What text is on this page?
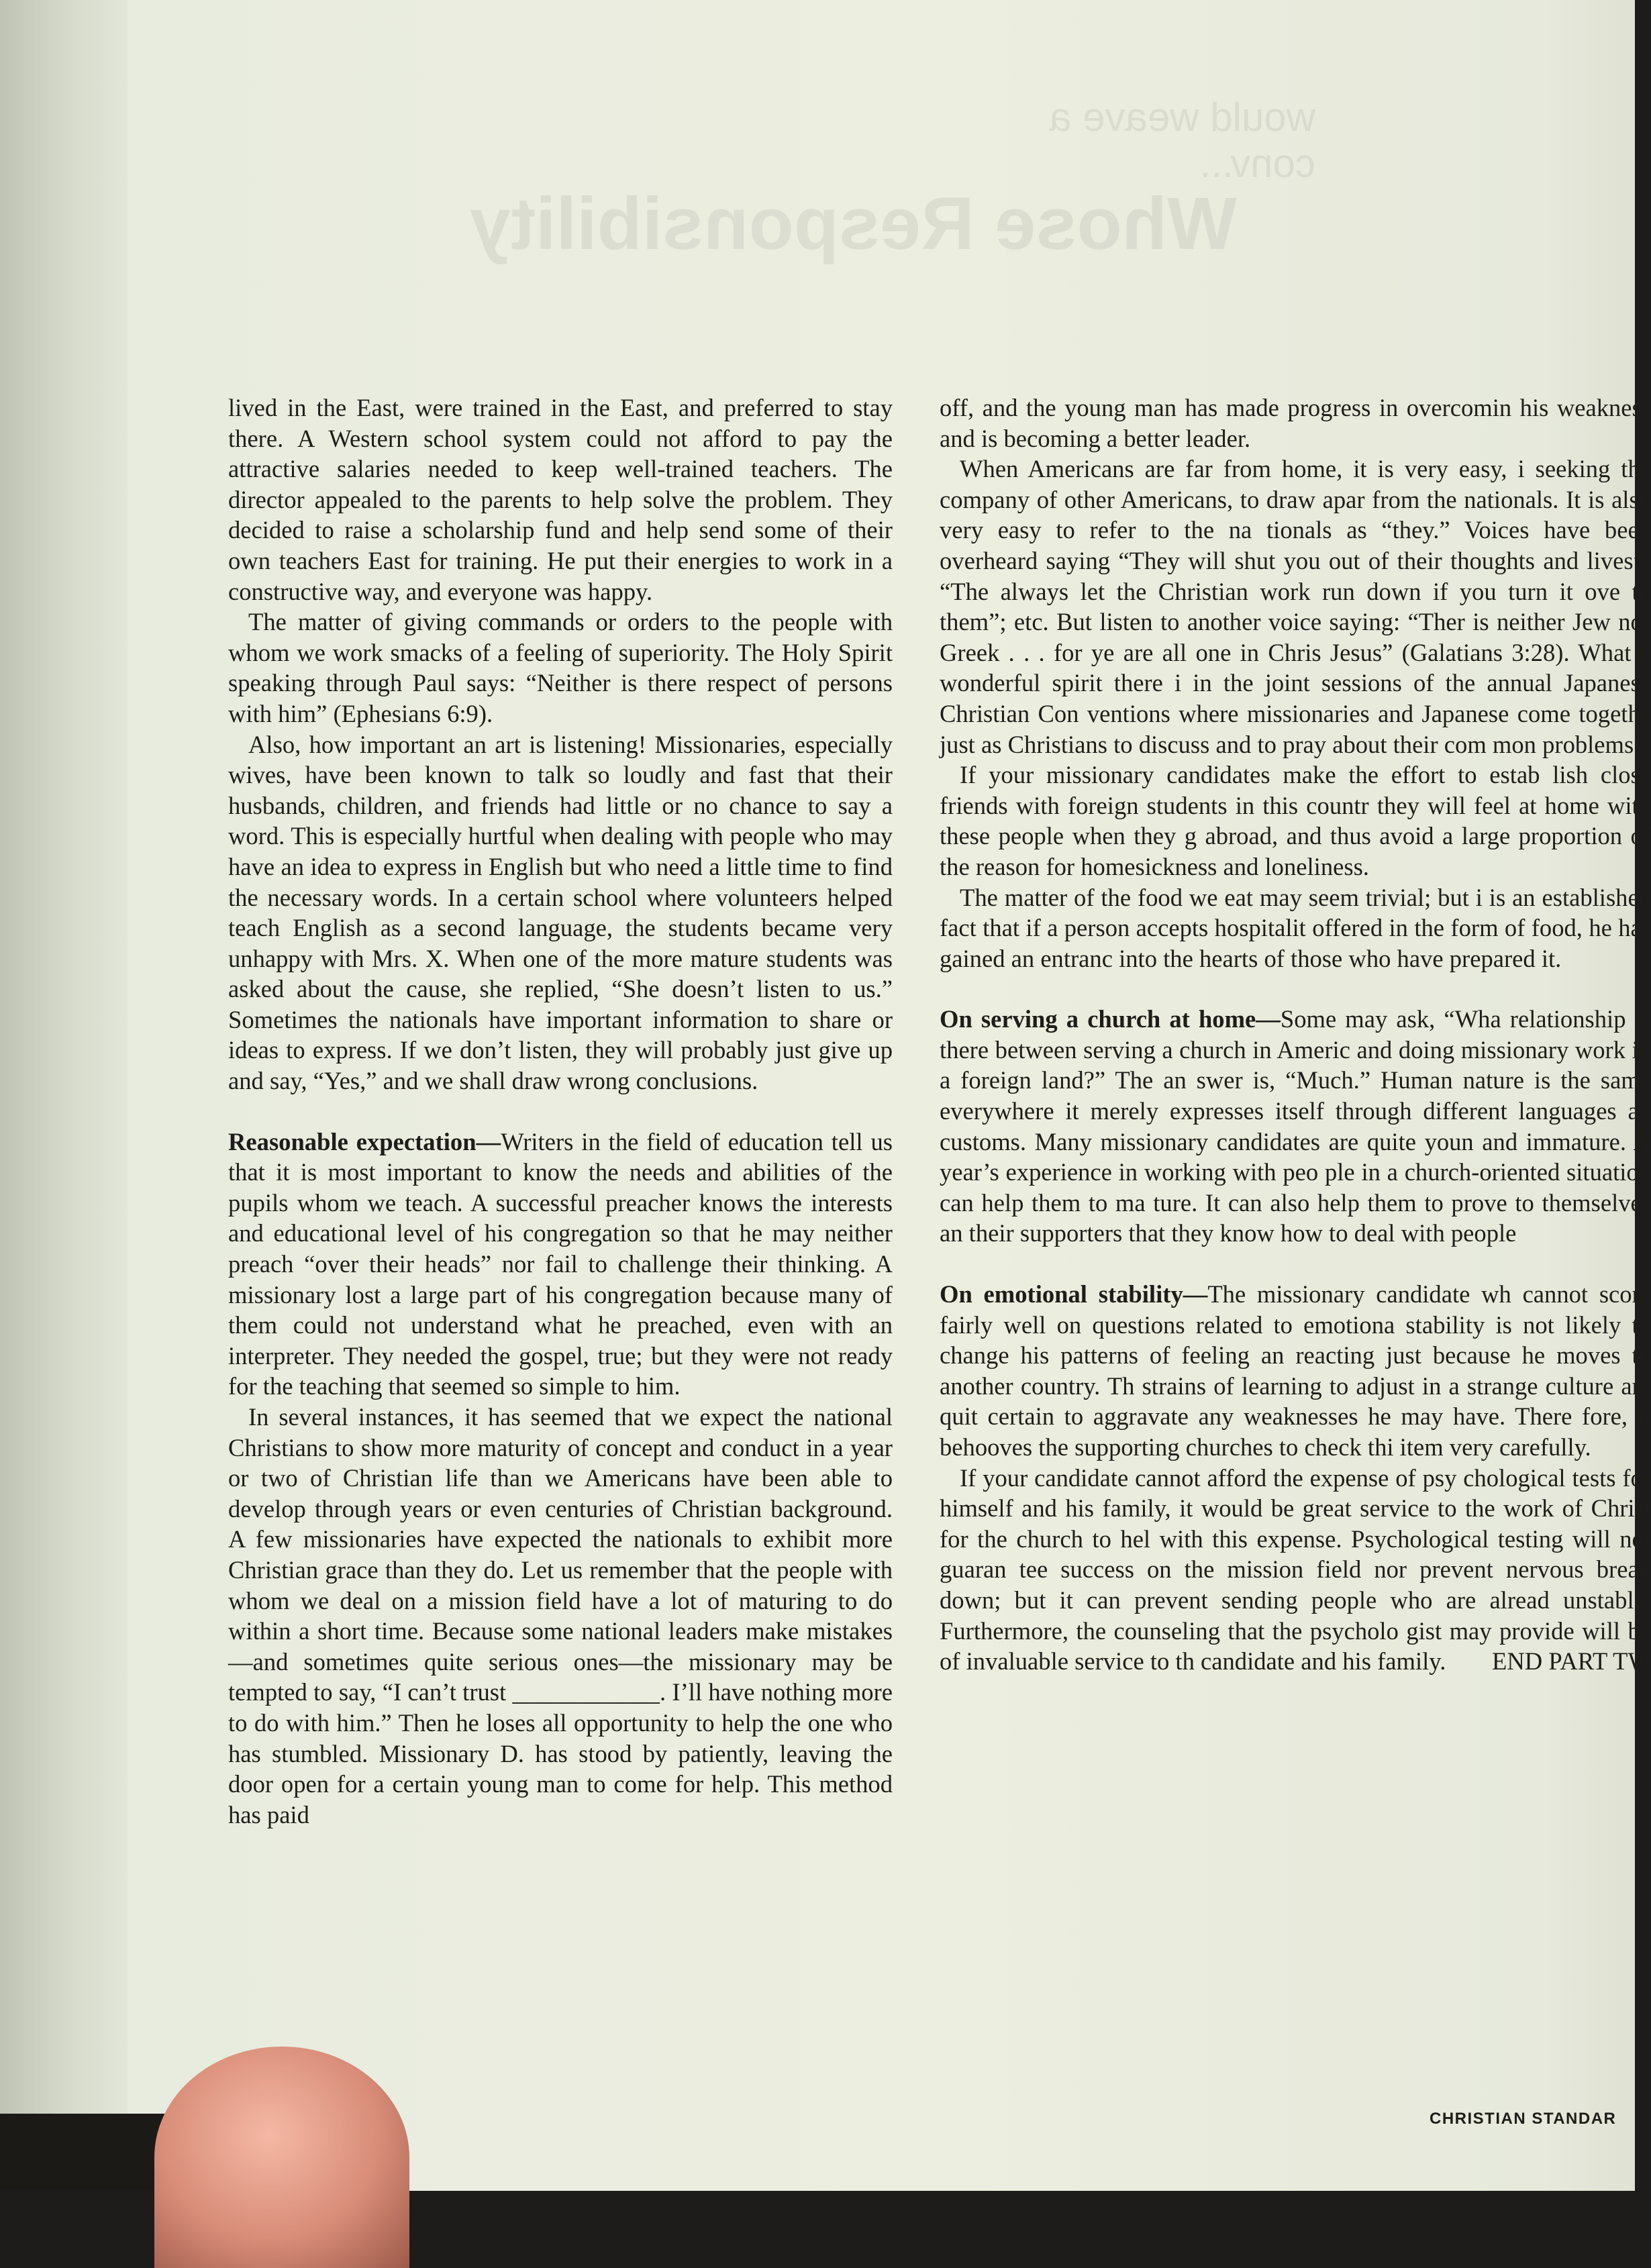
Whose Responsibility
would weave a conv...

lived in the East, were trained in the East, and preferred to stay there. A Western school system could not afford to pay the attractive salaries needed to keep well-trained teachers. The director appealed to the parents to help solve the problem. They decided to raise a scholarship fund and help send some of their own teachers East for training. He put their energies to work in a constructive way, and everyone was happy.

The matter of giving commands or orders to the people with whom we work smacks of a feeling of superiority. The Holy Spirit speaking through Paul says: “Neither is there respect of persons with him” (Ephesians 6:9).

Also, how important an art is listening! Missionaries, especially wives, have been known to talk so loudly and fast that their husbands, children, and friends had little or no chance to say a word. This is especially hurtful when dealing with people who may have an idea to express in English but who need a little time to find the necessary words. In a certain school where volunteers helped teach English as a second language, the students became very unhappy with Mrs. X. When one of the more mature students was asked about the cause, she replied, “She doesn’t listen to us.” Sometimes the nationals have important information to share or ideas to express. If we don’t listen, they will probably just give up and say, “Yes,” and we shall draw wrong conclusions.

Reasonable expectation—Writers in the field of education tell us that it is most important to know the needs and abilities of the pupils whom we teach. A successful preacher knows the interests and educational level of his congregation so that he may neither preach “over their heads” nor fail to challenge their thinking. A missionary lost a large part of his congregation because many of them could not understand what he preached, even with an interpreter. They needed the gospel, true; but they were not ready for the teaching that seemed so simple to him.

In several instances, it has seemed that we expect the national Christians to show more maturity of concept and conduct in a year or two of Christian life than we Americans have been able to develop through years or even centuries of Christian background. A few missionaries have expected the nationals to exhibit more Christian grace than they do. Let us remember that the people with whom we deal on a mission field have a lot of maturing to do within a short time. Because some national leaders make mistakes—and sometimes quite serious ones—the missionary may be tempted to say, “I can’t trust ____________. I’ll have nothing more to do with him.” Then he loses all opportunity to help the one who has stumbled. Missionary D. has stood by patiently, leaving the door open for a certain young man to come for help. This method has paid

off, and the young man has made progress in overcomin his weakness and is becoming a better leader.

When Americans are far from home, it is very easy, i seeking the company of other Americans, to draw apar from the nationals. It is also very easy to refer to the na tionals as “they.” Voices have been overheard saying “They will shut you out of their thoughts and lives”; “The always let the Christian work run down if you turn it ove to them”; etc. But listen to another voice saying: “Ther is neither Jew nor Greek . . . for ye are all one in Chris Jesus” (Galatians 3:28). What a wonderful spirit there i in the joint sessions of the annual Japanese Christian Con ventions where missionaries and Japanese come togethe just as Christians to discuss and to pray about their com mon problems!

If your missionary candidates make the effort to estab lish close friends with foreign students in this countr they will feel at home with these people when they g abroad, and thus avoid a large proportion of the reason for homesickness and loneliness.

The matter of the food we eat may seem trivial; but i is an established fact that if a person accepts hospitalit offered in the form of food, he has gained an entranc into the hearts of those who have prepared it.

On serving a church at home—Some may ask, “Wha relationship is there between serving a church in Americ and doing missionary work in a foreign land?” The an swer is, “Much.” Human nature is the same everywhere it merely expresses itself through different languages an customs. Many missionary candidates are quite youn and immature. A year’s experience in working with peo ple in a church-oriented situation can help them to ma ture. It can also help them to prove to themselves an their supporters that they know how to deal with people

On emotional stability—The missionary candidate wh cannot score fairly well on questions related to emotiona stability is not likely to change his patterns of feeling an reacting just because he moves to another country. Th strains of learning to adjust in a strange culture are quit certain to aggravate any weaknesses he may have. There fore, it behooves the supporting churches to check thi item very carefully.

If your candidate cannot afford the expense of psy chological tests for himself and his family, it would be great service to the work of Christ for the church to hel with this expense. Psychological testing will not guaran tee success on the mission field nor prevent nervous break down; but it can prevent sending people who are alread unstable. Furthermore, the counseling that the psycholo gist may provide will be of invaluable service to th candidate and his family.	END PART TW

CHRISTIAN STANDAR
